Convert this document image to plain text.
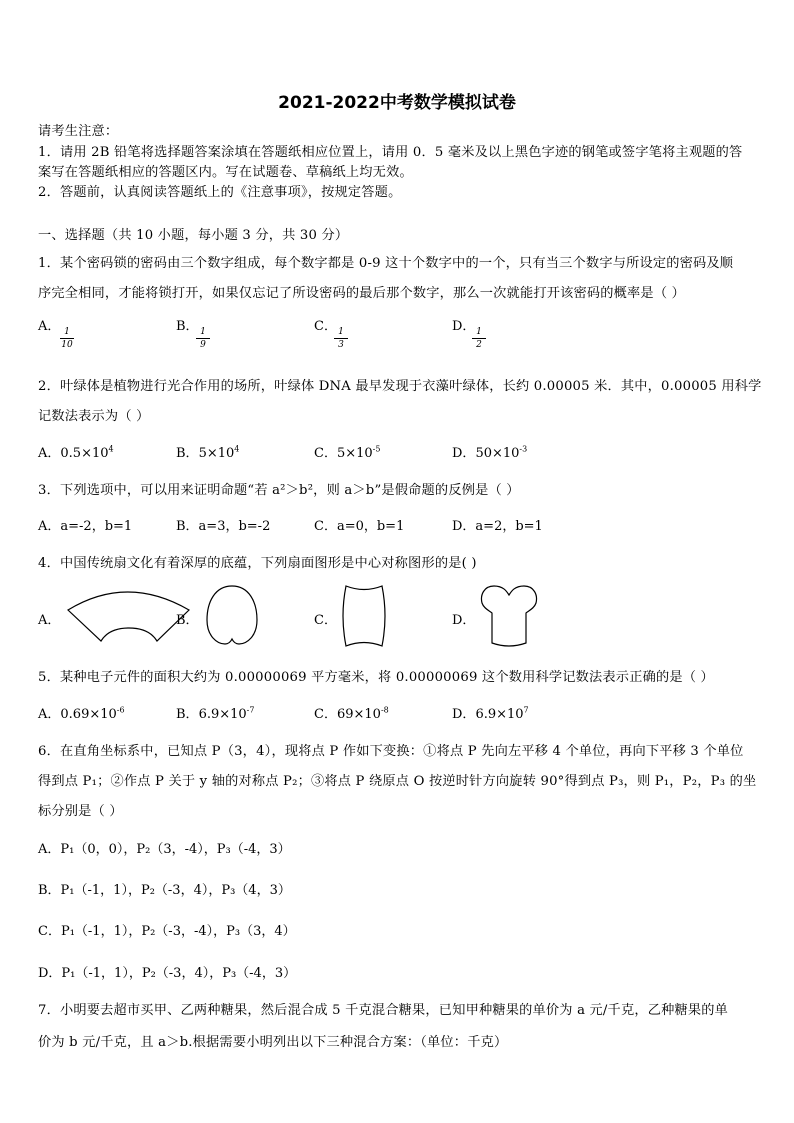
2021-2022中考数学模拟试卷
请考生注意：
1．请用 2B 铅笔将选择题答案涂填在答题纸相应位置上，请用 0．5 毫米及以上黑色字迹的钢笔或签字笔将主观题的答
案写在答题纸相应的答题区内。写在试题卷、草稿纸上均无效。
2．答题前，认真阅读答题纸上的《注意事项》，按规定答题。
一、选择题（共 10 小题，每小题 3 分，共 30 分）
1．某个密码锁的密码由三个数字组成，每个数字都是 0-9 这十个数字中的一个，只有当三个数字与所设定的密码及顺
序完全相同，才能将锁打开，如果仅忘记了所设密码的最后那个数字，那么一次就能打开该密码的概率是（ ）
A． 1
10
B． 1
9
C． 1
3
D． 1
2
2．叶绿体是植物进行光合作用的场所，叶绿体 DNA 最早发现于衣藻叶绿体，长约 0.00005 米．其中，0.00005 用科学
记数法表示为（ ）
A．$0.5\times 10^4$	B．$5\times 10^4$	C．$5\times 10^{-5}$	D．$50\times 10^{-3}$
3．下列选项中，可以用来证明命题“若 a²＞b²，则 a＞b”是假命题的反例是（ ）
A．a=-2，b=1	B．a=3，b=-2	C．a=0，b=1	D．a=2，b=1
4．中国传统扇文化有着深厚的底蕴，下列扇面图形是中心对称图形的是( )
A．	B．	C．	D．
5．某种电子元件的面积大约为 0.00000069 平方毫米，将 0.00000069 这个数用科学记数法表示正确的是（ ）
A．$0.69\times 10^{-6}$	B．$6.9\times 10^{-7}$	C．$69\times 10^{-8}$	D．$6.9\times 10^7$
6．在直角坐标系中，已知点 P（3，4），现将点 P 作如下变换：①将点 P 先向左平移 4 个单位，再向下平移 3 个单位
得到点 P₁；②作点 P 关于 y 轴的对称点 P₂；③将点 P 绕原点 O 按逆时针方向旋转 90°得到点 P₃，则 P₁，P₂，P₃ 的坐
标分别是（ ）
A．P₁（0，0），P₂（3，-4），P₃（-4，3）
B．P₁（-1，1），P₂（-3，4），P₃（4，3）
C．P₁（-1，1），P₂（-3，-4），P₃（3，4）
D．P₁（-1，1），P₂（-3，4），P₃（-4，3）
7．小明要去超市买甲、乙两种糖果，然后混合成 5 千克混合糖果，已知甲种糖果的单价为 a 元/千克，乙种糖果的单
价为 b 元/千克，且 a＞b.根据需要小明列出以下三种混合方案：（单位：千克）
